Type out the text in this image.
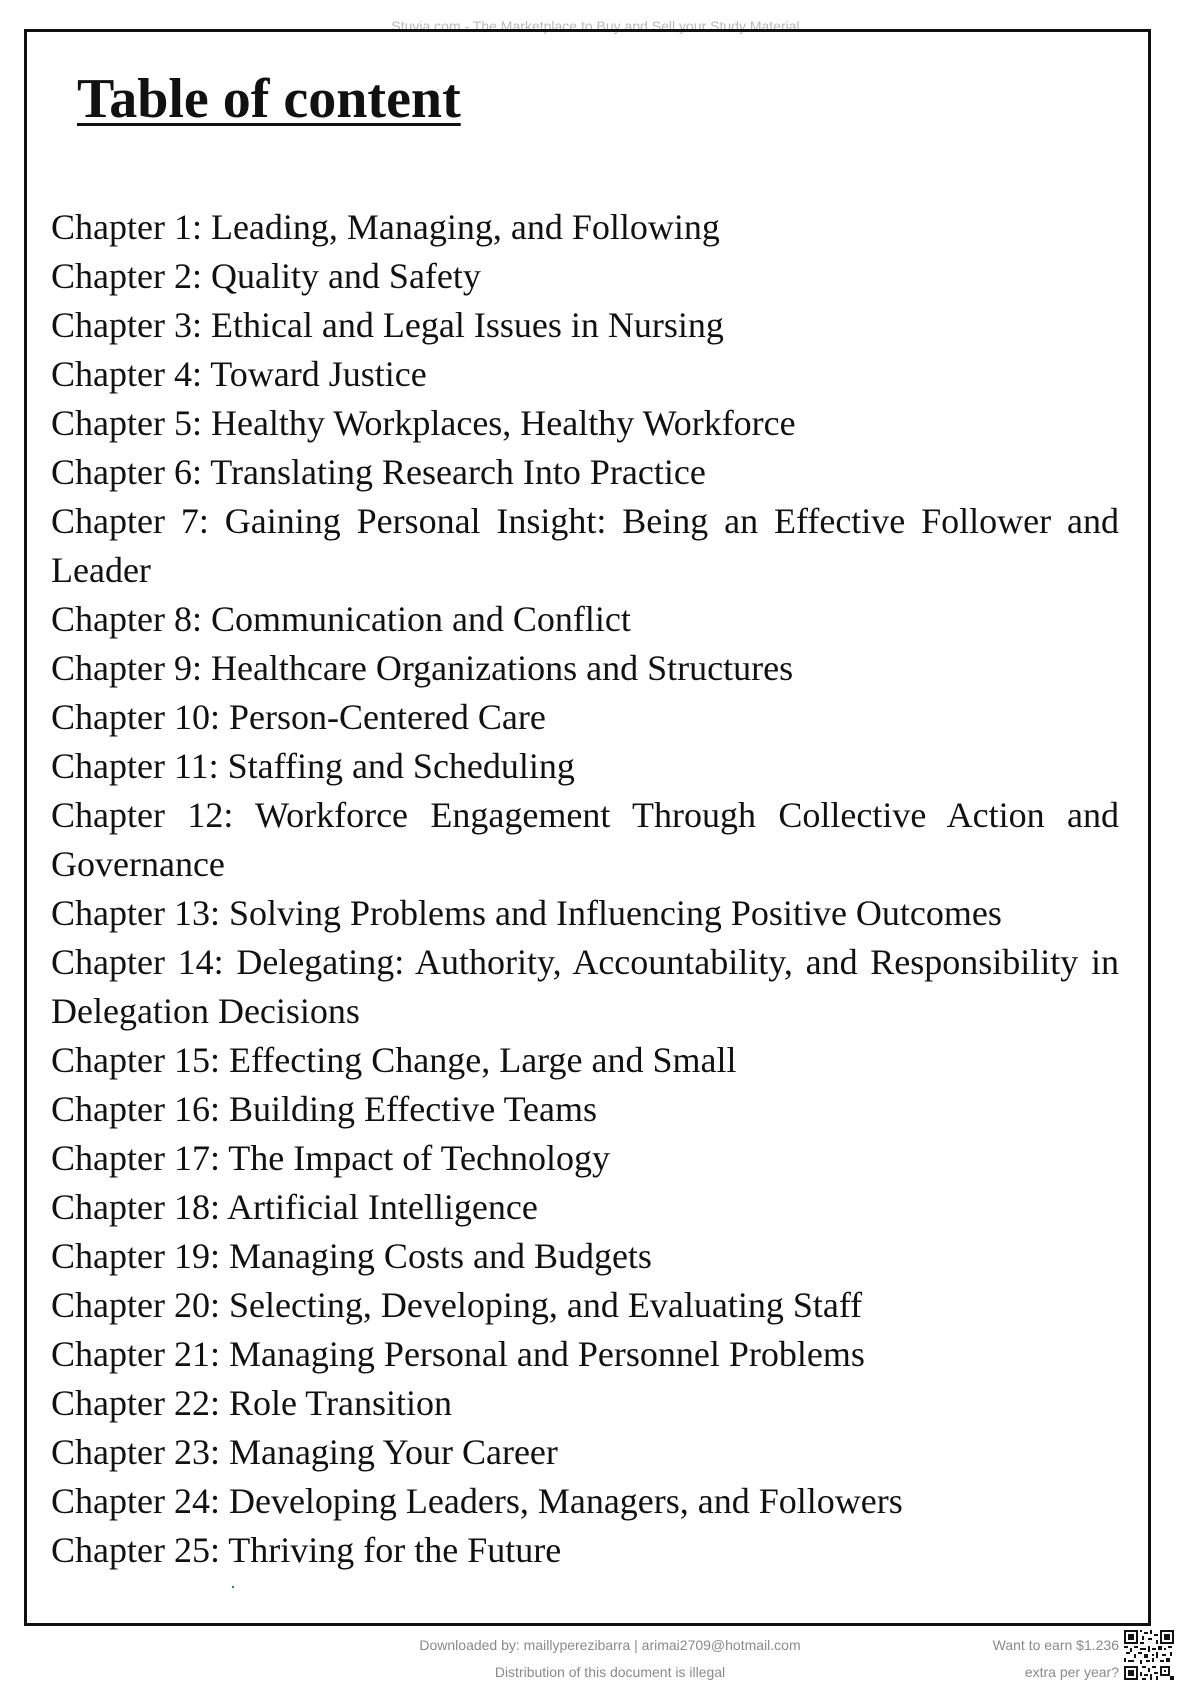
Stuvia.com - The Marketplace to Buy and Sell your Study Material
Table of content
Chapter 1: Leading, Managing, and Following
Chapter 2: Quality and Safety
Chapter 3: Ethical and Legal Issues in Nursing
Chapter 4: Toward Justice
Chapter 5: Healthy Workplaces, Healthy Workforce
Chapter 6: Translating Research Into Practice
Chapter 7: Gaining Personal Insight: Being an Effective Follower and Leader
Chapter 8: Communication and Conflict
Chapter 9: Healthcare Organizations and Structures
Chapter 10: Person-Centered Care
Chapter 11: Staffing and Scheduling
Chapter 12: Workforce Engagement Through Collective Action and Governance
Chapter 13: Solving Problems and Influencing Positive Outcomes
Chapter 14: Delegating: Authority, Accountability, and Responsibility in Delegation Decisions
Chapter 15: Effecting Change, Large and Small
Chapter 16: Building Effective Teams
Chapter 17: The Impact of Technology
Chapter 18: Artificial Intelligence
Chapter 19: Managing Costs and Budgets
Chapter 20: Selecting, Developing, and Evaluating Staff
Chapter 21: Managing Personal and Personnel Problems
Chapter 22: Role Transition
Chapter 23: Managing Your Career
Chapter 24: Developing Leaders, Managers, and Followers
Chapter 25: Thriving for the Future
Downloaded by: maillyperezibarra | arimai2709@hotmail.com
Distribution of this document is illegal
Want to earn $1.236
extra per year?
